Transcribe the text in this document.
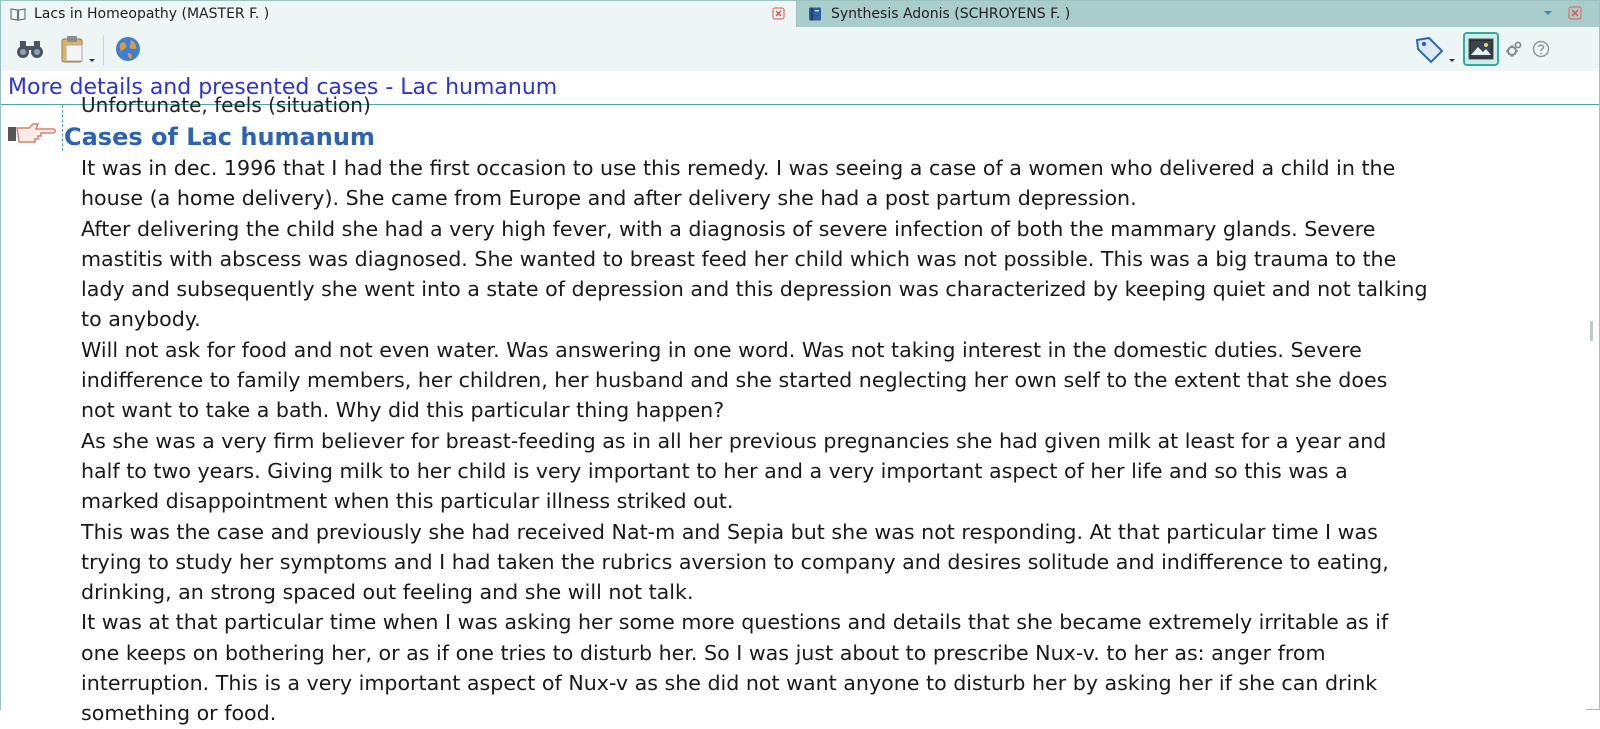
Lacs in Homeopathy (MASTER F. )	Synthesis Adonis (SCHROYENS F. )
More details and presented cases - Lac humanum
Unfortunate, feels (situation)
Cases of Lac humanum

It was in dec. 1996 that I had the first occasion to use this remedy. I was seeing a case of a women who delivered a child in the
house (a home delivery). She came from Europe and after delivery she had a post partum depression.

After delivering the child she had a very high fever, with a diagnosis of severe infection of both the mammary glands. Severe
mastitis with abscess was diagnosed. She wanted to breast feed her child which was not possible. This was a big trauma to the
lady and subsequently she went into a state of depression and this depression was characterized by keeping quiet and not talking
to anybody.

Will not ask for food and not even water. Was answering in one word. Was not taking interest in the domestic duties. Severe
indifference to family members, her children, her husband and she started neglecting her own self to the extent that she does
not want to take a bath. Why did this particular thing happen?

As she was a very firm believer for breast-feeding as in all her previous pregnancies she had given milk at least for a year and
half to two years. Giving milk to her child is very important to her and a very important aspect of her life and so this was a
marked disappointment when this particular illness striked out.

This was the case and previously she had received Nat-m and Sepia but she was not responding. At that particular time I was
trying to study her symptoms and I had taken the rubrics aversion to company and desires solitude and indifference to eating,
drinking, an strong spaced out feeling and she will not talk.

It was at that particular time when I was asking her some more questions and details that she became extremely irritable as if
one keeps on bothering her, or as if one tries to disturb her. So I was just about to prescribe Nux-v. to her as: anger from
interruption. This is a very important aspect of Nux-v as she did not want anyone to disturb her by asking her if she can drink
something or food.
